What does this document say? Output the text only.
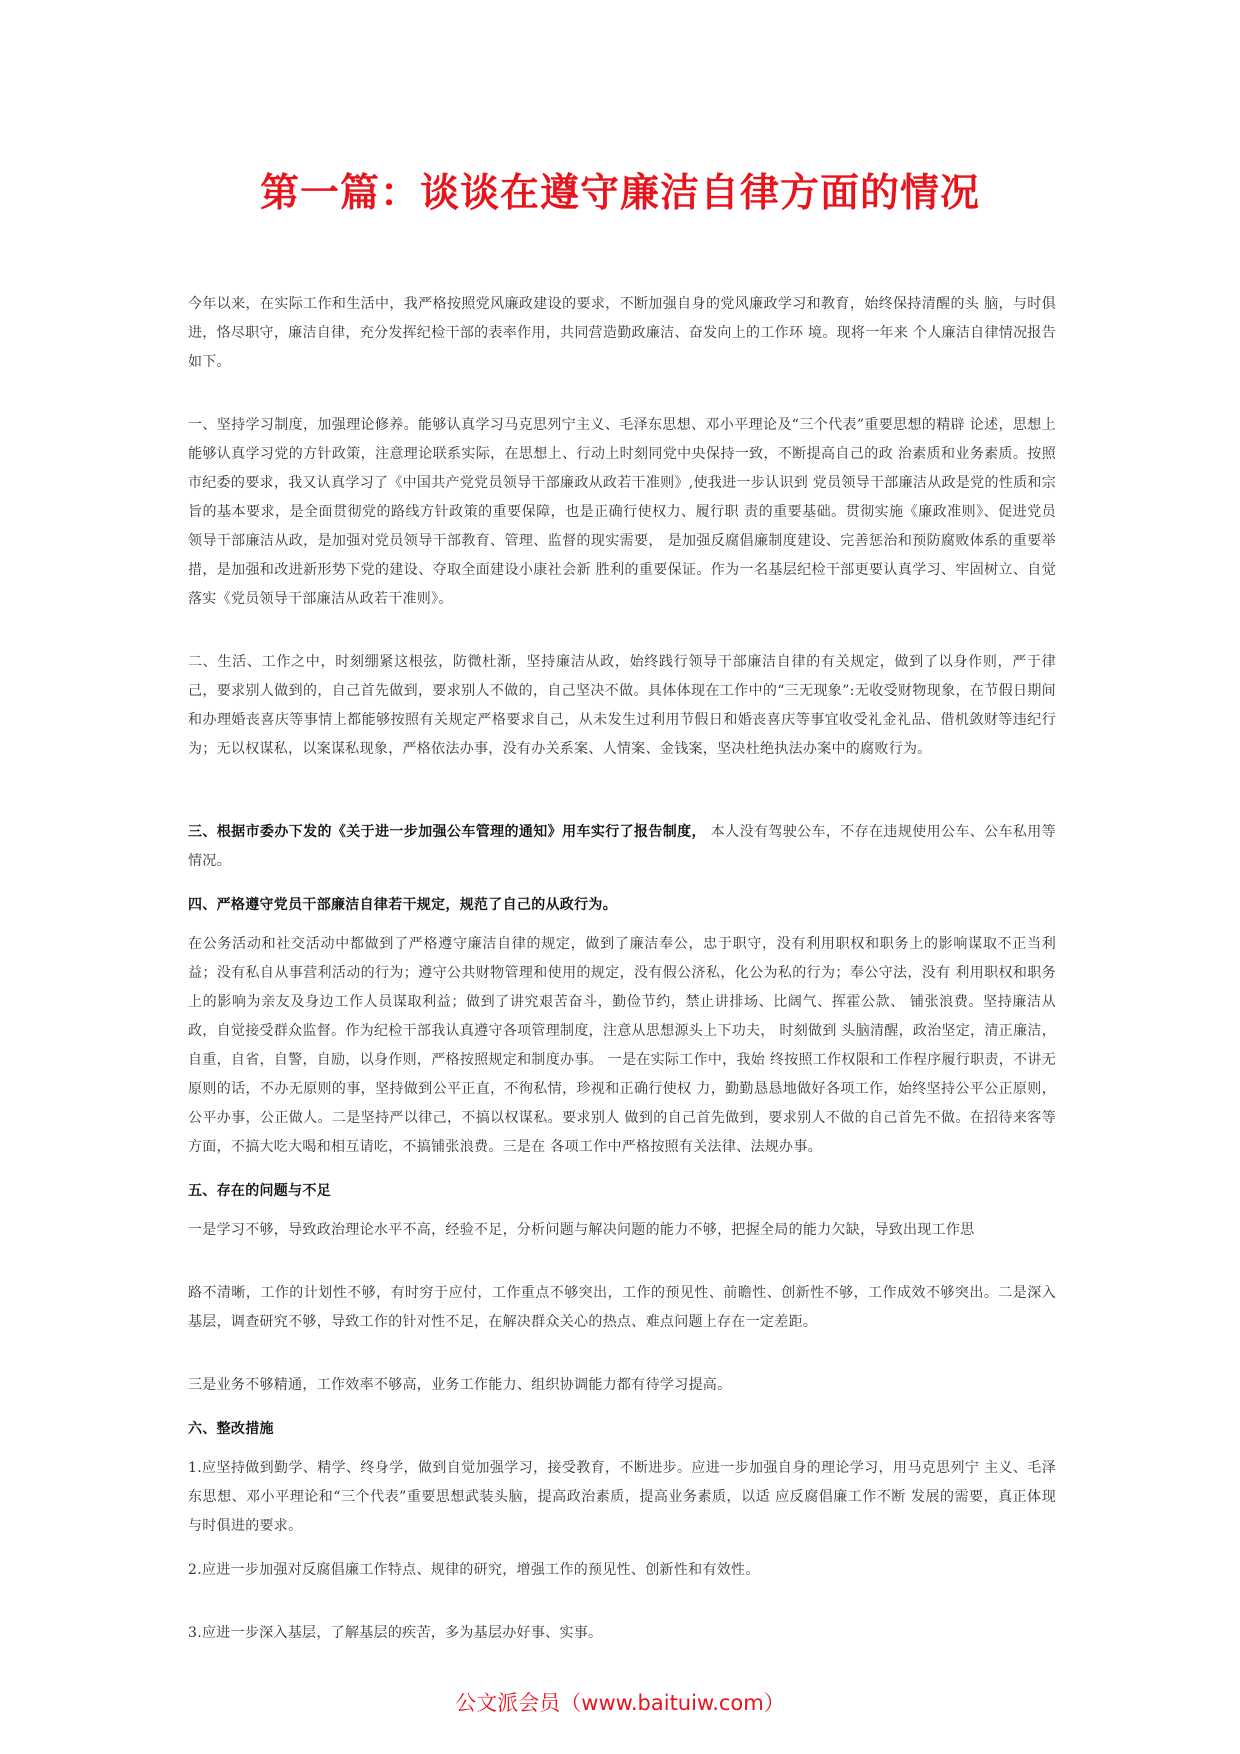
第一篇：谈谈在遵守廉洁自律方面的情况

今年以来，在实际工作和生活中，我严格按照党风廉政建设的要求，不断加强自身的党风廉政学习和教育，始终保持清醒的头 脑，与时俱进，恪尽职守，廉洁自律，充分发挥纪检干部的表率作用，共同营造勤政廉洁、奋发向上的工作环 境。现将一年来 个人廉洁自律情况报告如下。

一、坚持学习制度，加强理论修养。能够认真学习马克思列宁主义、毛泽东思想、邓小平理论及“三个代表”重要思想的精辟 论述，思想上能够认真学习党的方针政策，注意理论联系实际，在思想上、行动上时刻同党中央保持一致，不断提高自己的政 治素质和业务素质。按照市纪委的要求，我又认真学习了《中国共产党党员领导干部廉政从政若干准则》,使我进一步认识到 党员领导干部廉洁从政是党的性质和宗旨的基本要求，是全面贯彻党的路线方针政策的重要保障，也是正确行使权力、履行职 责的重要基础。贯彻实施《廉政准则》、促进党员领导干部廉洁从政，是加强对党员领导干部教育、管理、监督的现实需要， 是加强反腐倡廉制度建设、完善惩治和预防腐败体系的重要举措，是加强和改进新形势下党的建设、夺取全面建设小康社会新 胜利的重要保证。作为一名基层纪检干部更要认真学习、牢固树立、自觉落实《党员领导干部廉洁从政若干准则》。

二、生活、工作之中，时刻绷紧这根弦，防微杜渐，坚持廉洁从政，始终践行领导干部廉洁自律的有关规定，做到了以身作则，严于律己，要求别人做到的，自己首先做到，要求别人不做的，自己坚决不做。具体体现在工作中的“三无现象”:无收受财物现象，在节假日期间和办理婚丧喜庆等事情上都能够按照有关规定严格要求自己，从未发生过利用节假日和婚丧喜庆等事宜收受礼金礼品、借机敛财等违纪行为；无以权谋私，以案谋私现象，严格依法办事，没有办关系案、人情案、金钱案，坚决杜绝执法办案中的腐败行为。

三、根据市委办下发的《关于进一步加强公车管理的通知》用车实行了报告制度， 本人没有驾驶公车，不存在违规使用公车、公车私用等情况。

四、严格遵守党员干部廉洁自律若干规定，规范了自己的从政行为。

在公务活动和社交活动中都做到了严格遵守廉洁自律的规定，做到了廉洁奉公，忠于职守，没有利用职权和职务上的影响谋取不正当利益；没有私自从事营利活动的行为；遵守公共财物管理和使用的规定，没有假公济私，化公为私的行为；奉公守法，没有 利用职权和职务上的影响为亲友及身边工作人员谋取利益；做到了讲究艰苦奋斗，勤俭节约，禁止讲排场、比阔气、挥霍公款、 铺张浪费。坚持廉洁从政，自觉接受群众监督。作为纪检干部我认真遵守各项管理制度，注意从思想源头上下功夫， 时刻做到 头脑清醒，政治坚定，清正廉洁，自重，自省，自警，自励，以身作则，严格按照规定和制度办事。 一是在实际工作中，我始 终按照工作权限和工作程序履行职责，不讲无原则的话，不办无原则的事，坚持做到公平正直，不徇私情，珍视和正确行使权 力，勤勤恳恳地做好各项工作，始终坚持公平公正原则，公平办事，公正做人。二是坚持严以律己，不搞以权谋私。要求别人 做到的自己首先做到，要求别人不做的自己首先不做。在招待来客等方面，不搞大吃大喝和相互请吃，不搞铺张浪费。三是在 各项工作中严格按照有关法律、法规办事。

五、存在的问题与不足

一是学习不够，导致政治理论水平不高，经验不足，分析问题与解决问题的能力不够，把握全局的能力欠缺，导致出现工作思

路不清晰，工作的计划性不够，有时穷于应付，工作重点不够突出，工作的预见性、前瞻性、创新性不够，工作成效不够突出。二是深入基层，调查研究不够，导致工作的针对性不足，在解决群众关心的热点、难点问题上存在一定差距。

三是业务不够精通，工作效率不够高，业务工作能力、组织协调能力都有待学习提高。

六、整改措施

1.应坚持做到勤学、精学、终身学，做到自觉加强学习，接受教育，不断进步。应进一步加强自身的理论学习，用马克思列宁 主义、毛泽东思想、邓小平理论和“三个代表”重要思想武装头脑，提高政治素质，提高业务素质，以适 应反腐倡廉工作不断 发展的需要，真正体现与时俱进的要求。

2.应进一步加强对反腐倡廉工作特点、规律的研究，增强工作的预见性、创新性和有效性。

3.应进一步深入基层，了解基层的疾苦，多为基层办好事、实事。

公文派会员（www.baituiw.com）
